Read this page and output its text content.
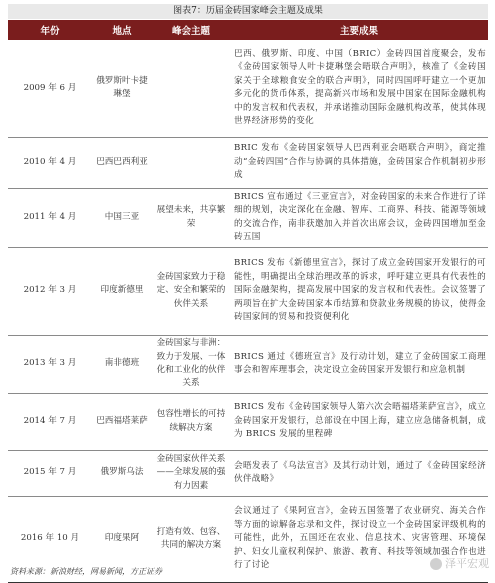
图表7：历届金砖国家峰会主题及成果
年份	地点	峰会主题	主要成果
2009 年 6 月	俄罗斯叶卡捷琳堡		巴西、俄罗斯、印度、中国（BRIC）金砖四国首度聚会，发布《金砖国家领导人叶卡捷琳堡会晤联合声明》，核准了《金砖国家关于全球粮食安全的联合声明》，同时四国呼吁建立一个更加多元化的货币体系，提高新兴市场和发展中国家在国际金融机构中的发言权和代表权，并承诺推动国际金融机构改革，使其体现世界经济形势的变化
2010 年 4 月	巴西巴西利亚		BRIC 发布《金砖国家领导人巴西利亚会晤联合声明》，商定推动“金砖四国”合作与协调的具体措施，金砖国家合作机制初步形成
2011 年 4 月	中国三亚	展望未来，共享繁荣	BRICS 宣布通过《三亚宣言》，对金砖国家的未来合作进行了详细的规划，决定深化在金融、智库、工商界、科技、能源等领域的交流合作，南非获邀加入并首次出席会议，金砖四国增加至金砖五国
2012 年 3 月	印度新德里	金砖国家致力于稳定、安全和繁荣的伙伴关系	BRICS 发布《新德里宣言》，探讨了成立金砖国家开发银行的可能性，明确提出全球治理改革的诉求，呼吁建立更具有代表性的国际金融架构，提高发展中国家的发言权和代表性。会议签署了两项旨在扩大金砖国家本币结算和贷款业务规模的协议，使得金砖国家间的贸易和投资便利化
2013 年 3 月	南非德班	金砖国家与非洲：致力于发展、一体化和工业化的伙伴关系	BRICS 通过《德班宣言》及行动计划，建立了金砖国家工商理事会和智库理事会，决定设立金砖国家开发银行和应急机制
2014 年 7 月	巴西福塔莱萨	包容性增长的可持续解决方案	BRICS 发布《金砖国家领导人第六次会晤福塔莱萨宣言》，成立金砖国家开发银行，总部设在中国上海，建立应急储备机制，成为 BRICS 发展的里程碑
2015 年 7 月	俄罗斯乌法	金砖国家伙伴关系——全球发展的强有力因素	会晤发表了《乌法宣言》及其行动计划，通过了《金砖国家经济伙伴战略》
2016 年 10 月	印度果阿	打造有效、包容、共同的解决方案	会议通过了《果阿宣言》，金砖五国签署了农业研究、海关合作等方面的谅解备忘录和文件，探讨设立一个金砖国家评级机构的可能性，此外，五国还在农业、信息技术、灾害管理、环境保护、妇女儿童权利保护、旅游、教育、科技等领域加强合作也进行了讨论	泽平宏观
资料来源：新浪财经，网易新闻，方正证券
